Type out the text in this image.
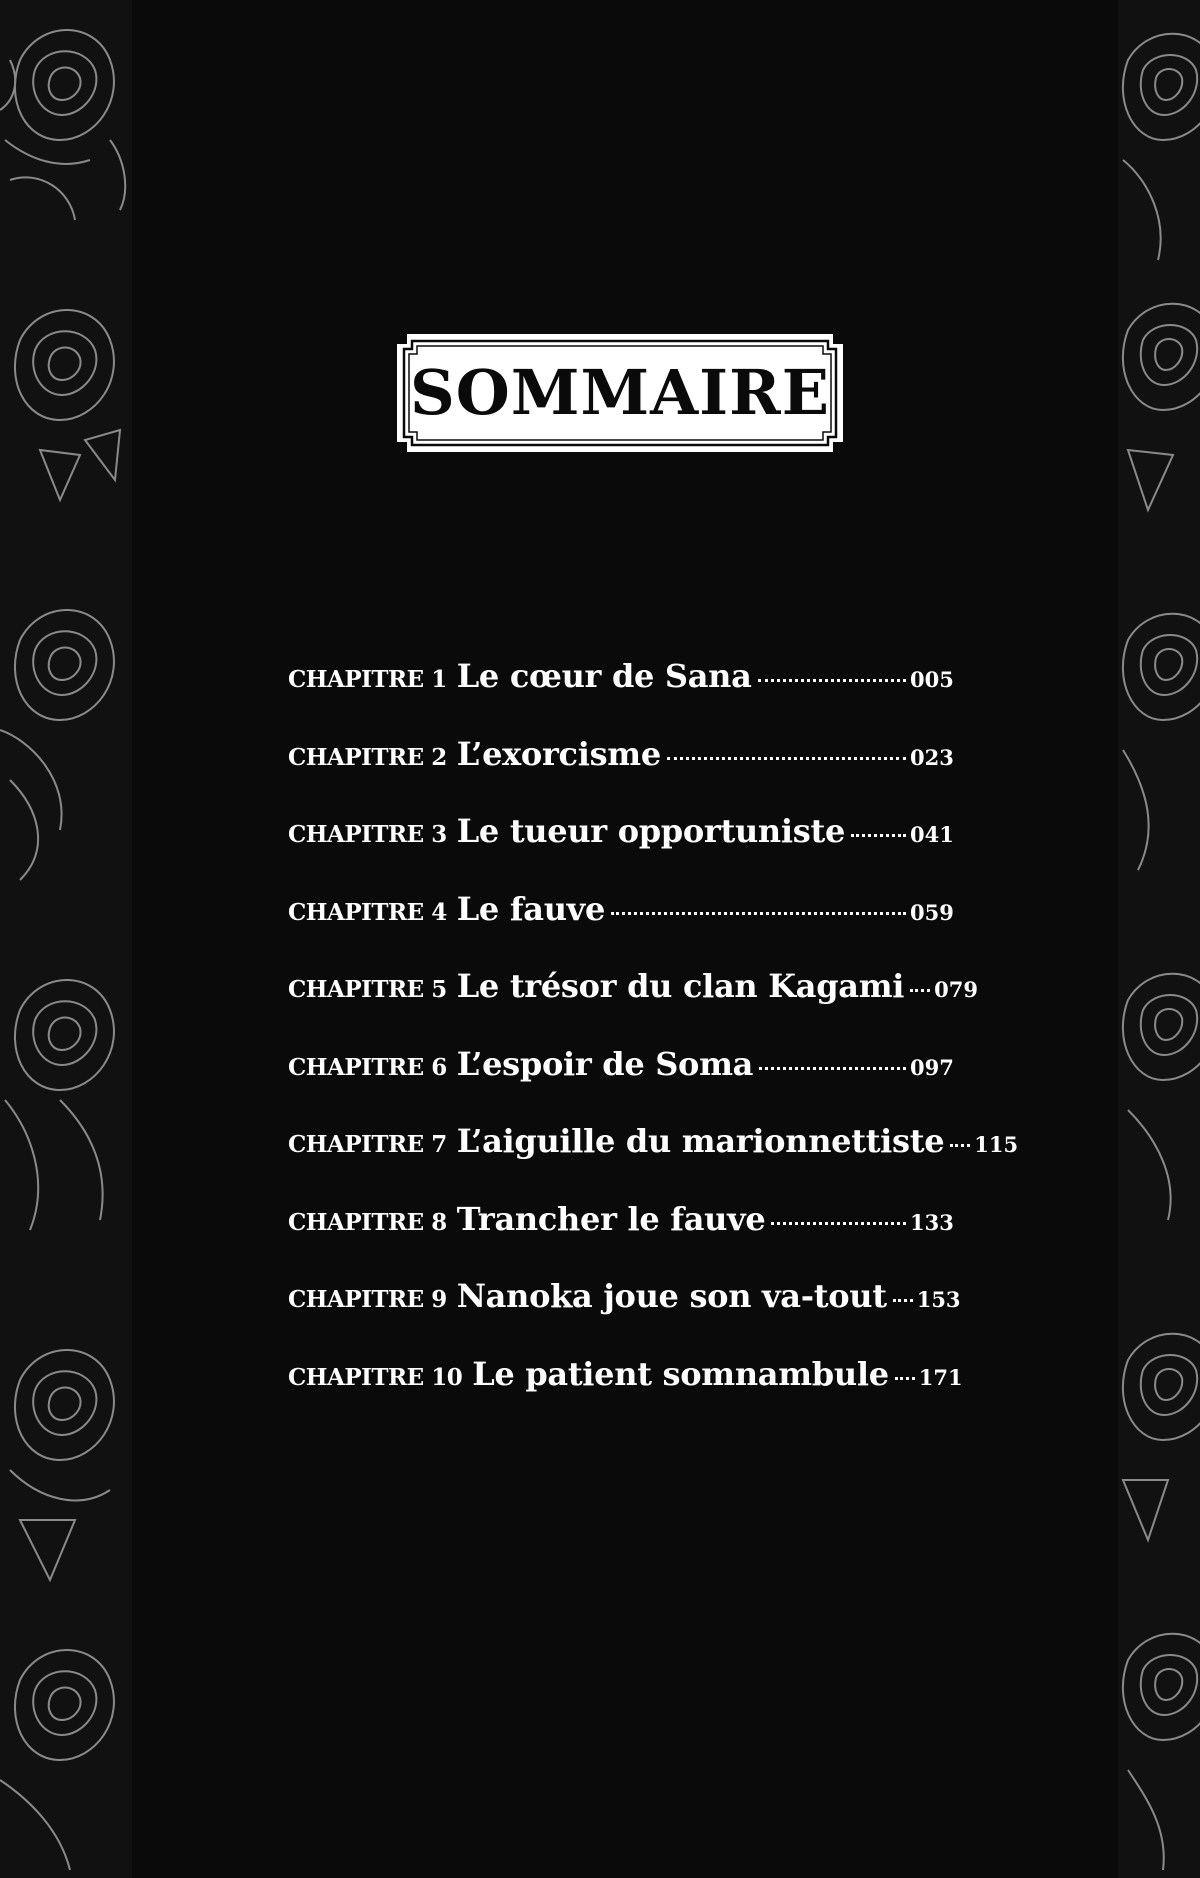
SOMMAIRE
CHAPITRE 1 Le cœur de Sana	005
CHAPITRE 2 L’exorcisme	023
CHAPITRE 3 Le tueur opportuniste	041
CHAPITRE 4 Le fauve	059
CHAPITRE 5 Le trésor du clan Kagami 079
CHAPITRE 6 L’espoir de Soma	097
CHAPITRE 7 L’aiguille du marionnettiste 115
CHAPITRE 8 Trancher le fauve	133
CHAPITRE 9 Nanoka joue son va-tout 153
CHAPITRE 10 Le patient somnambule 171
